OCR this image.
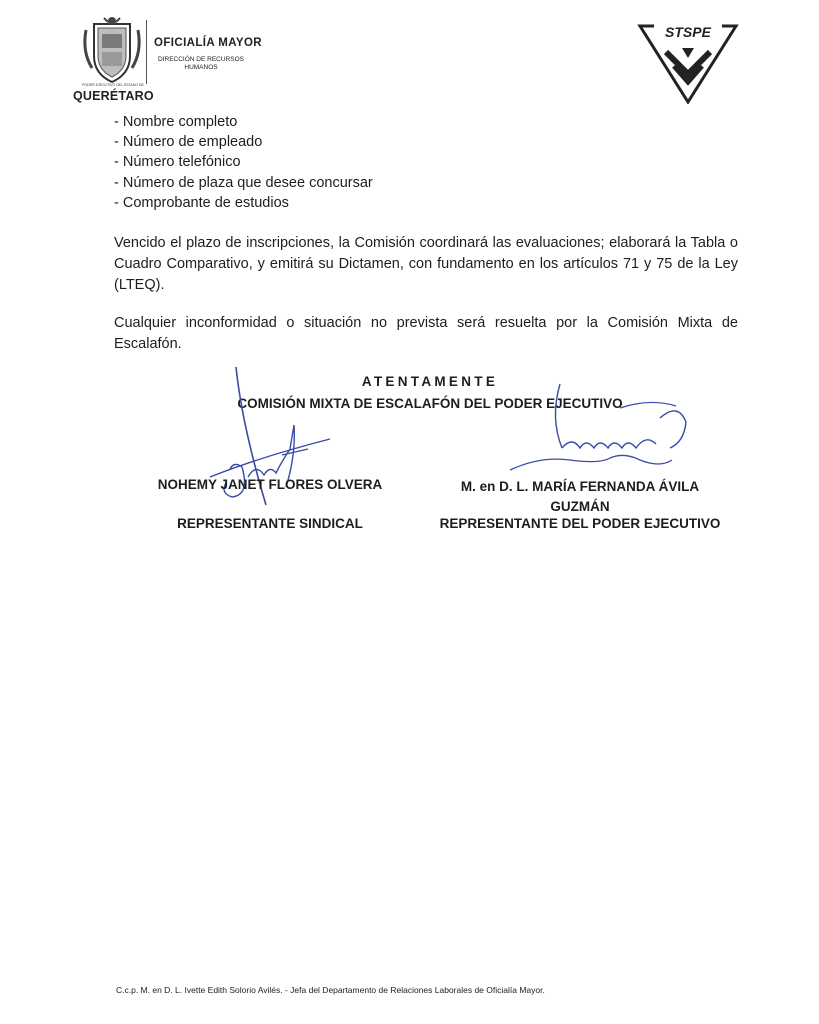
PODER EJECUTIVO DEL ESTADO DE
QUERÉTARO
OFICIALÍA MAYOR
DIRECCIÓN DE RECURSOS HUMANOS
STSPE
- Nombre completo
- Número de empleado
- Número telefónico
- Número de plaza que desee concursar
- Comprobante de estudios

Vencido el plazo de inscripciones, la Comisión coordinará las evaluaciones; elaborará la Tabla o Cuadro Comparativo, y emitirá su Dictamen, con fundamento en los artículos 71 y 75 de la Ley (LTEQ).

Cualquier inconformidad o situación no prevista será resuelta por la Comisión Mixta de Escalafón.

ATENTAMENTE
COMISIÓN MIXTA DE ESCALAFÓN DEL PODER EJECUTIVO
NOHEMY JANET FLORES OLVERA
REPRESENTANTE SINDICAL
M. en D. L. MARÍA FERNANDA ÁVILA GUZMÁN
REPRESENTANTE DEL PODER EJECUTIVO
C.c.p. M. en D. L. Ivette Edith Solorio Avilés. - Jefa del Departamento de Relaciones Laborales de Oficialía Mayor.
